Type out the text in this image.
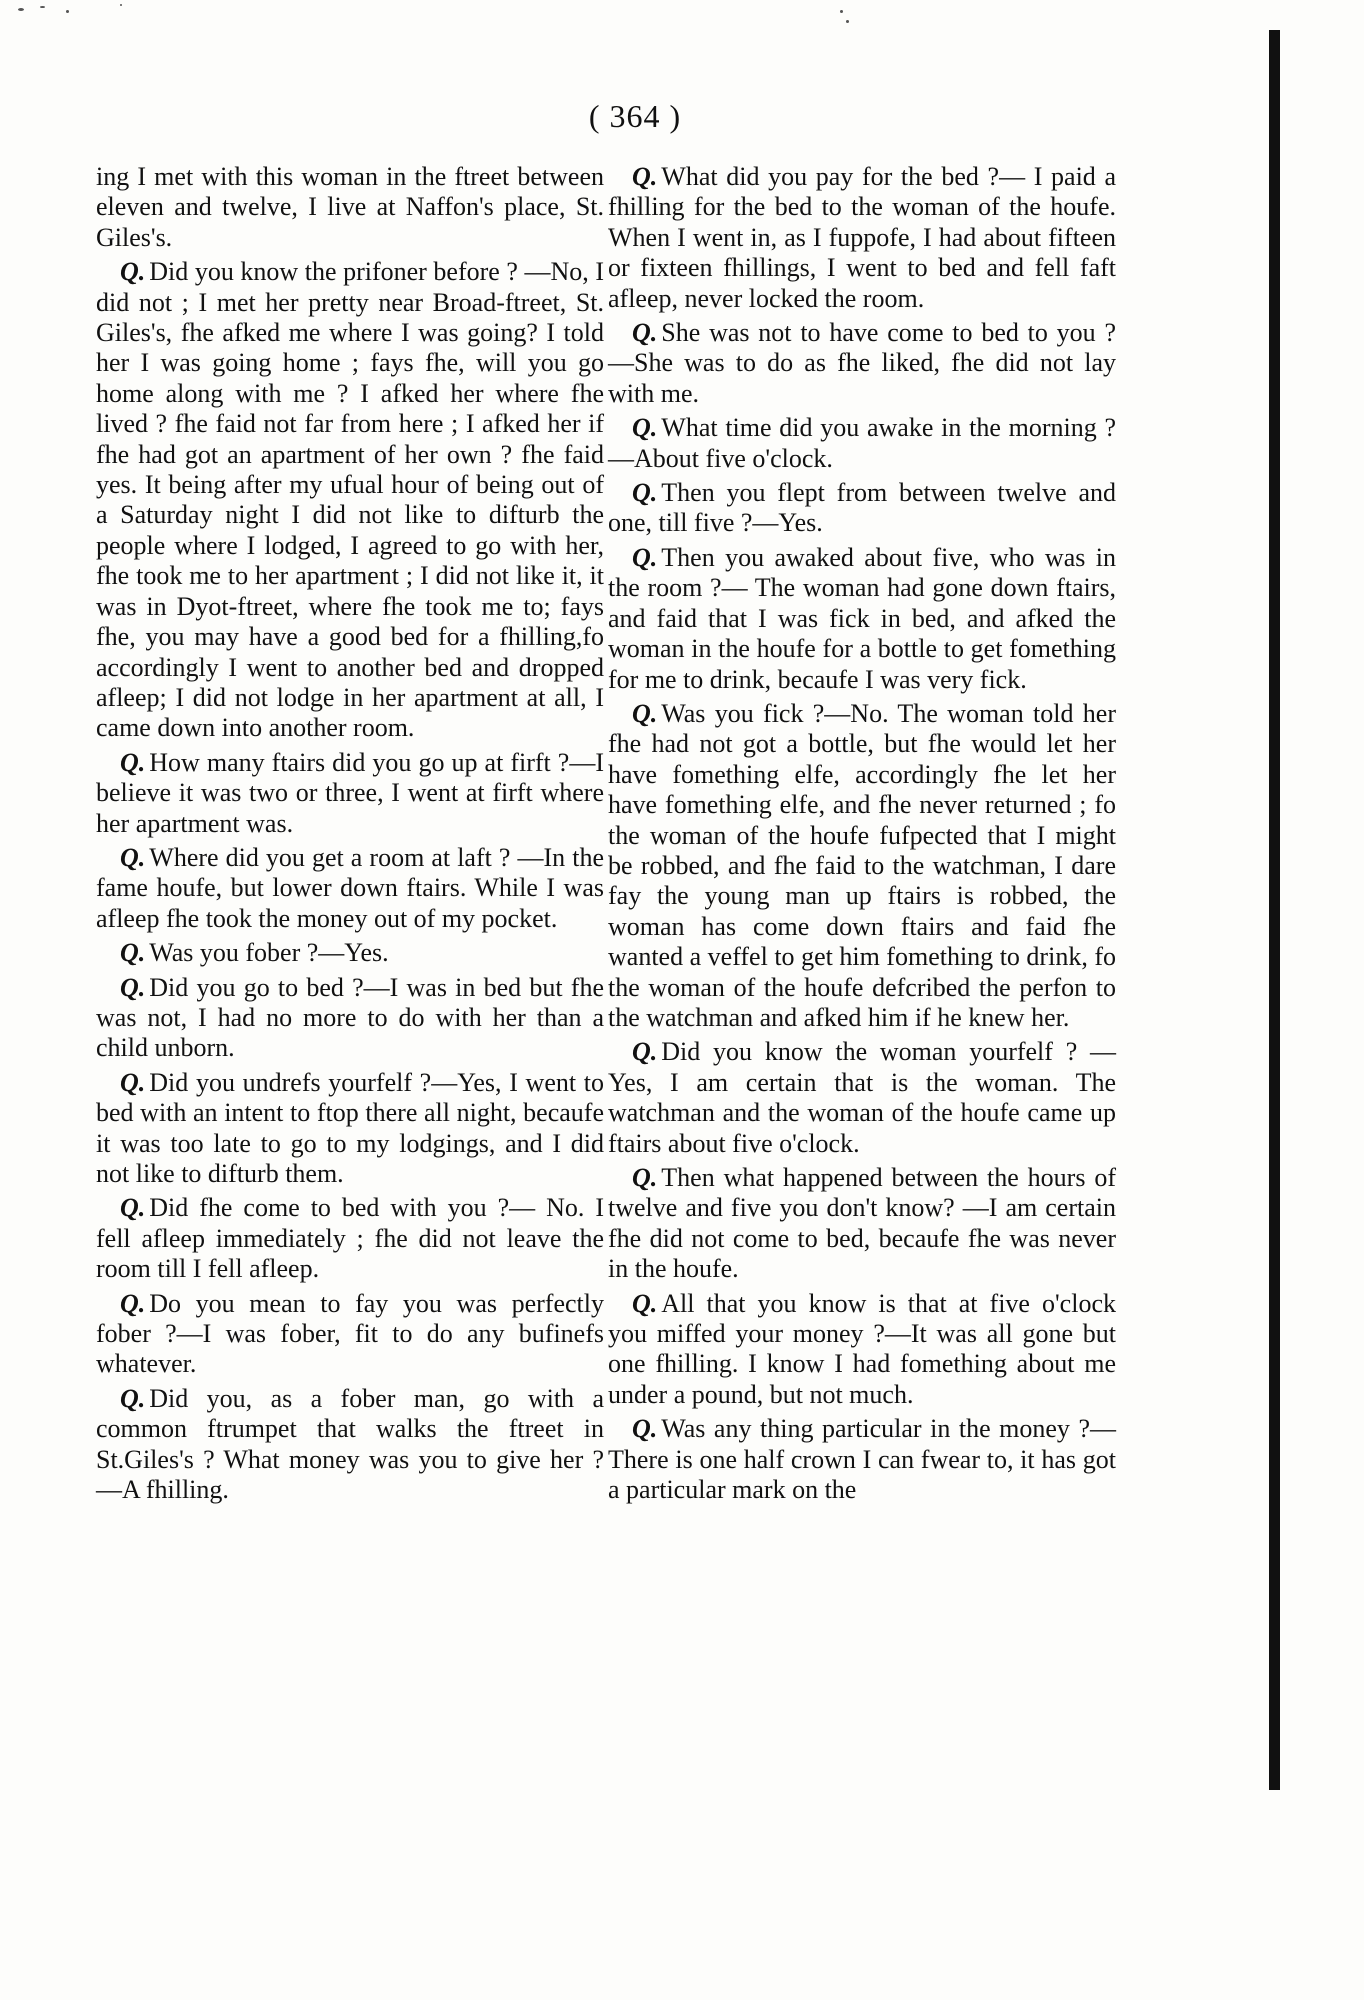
( 364 )

ing I met with this woman in the ftreet between eleven and twelve, I live at Naffon's place, St. Giles's.

Q. Did you know the prifoner before ? —No, I did not ; I met her pretty near Broad-ftreet, St. Giles's, fhe afked me where I was going? I told her I was going home ; fays fhe, will you go home along with me ? I afked her where fhe lived ? fhe faid not far from here ; I afked her if fhe had got an apartment of her own ? fhe faid yes. It being after my ufual hour of being out of a Saturday night I did not like to difturb the people where I lodged, I agreed to go with her, fhe took me to her apartment ; I did not like it, it was in Dyot-ftreet, where fhe took me to; fays fhe, you may have a good bed for a fhilling,fo accordingly I went to another bed and dropped afleep; I did not lodge in her apartment at all, I came down into another room.

Q. How many ftairs did you go up at firft ?—I believe it was two or three, I went at firft where her apartment was.

Q. Where did you get a room at laft ? —In the fame houfe, but lower down ftairs. While I was afleep fhe took the money out of my pocket.

Q. Was you fober ?—Yes.

Q. Did you go to bed ?—I was in bed but fhe was not, I had no more to do with her than a child unborn.

Q. Did you undrefs yourfelf ?—Yes, I went to bed with an intent to ftop there all night, becaufe it was too late to go to my lodgings, and I did not like to difturb them.

Q. Did fhe come to bed with you ?— No. I fell afleep immediately ; fhe did not leave the room till I fell afleep.

Q. Do you mean to fay you was perfectly fober ?—I was fober, fit to do any bufinefs whatever.

Q. Did you, as a fober man, go with a common ftrumpet that walks the ftreet in St.Giles's ? What money was you to give her ?—A fhilling.

Q. What did you pay for the bed ?— I paid a fhilling for the bed to the woman of the houfe. When I went in, as I fuppofe, I had about fifteen or fixteen fhillings, I went to bed and fell faft afleep, never locked the room.

Q. She was not to have come to bed to you ?—She was to do as fhe liked, fhe did not lay with me.

Q. What time did you awake in the morning ?—About five o'clock.

Q. Then you flept from between twelve and one, till five ?—Yes.

Q. Then you awaked about five, who was in the room ?— The woman had gone down ftairs, and faid that I was fick in bed, and afked the woman in the houfe for a bottle to get fomething for me to drink, becaufe I was very fick.

Q. Was you fick ?—No. The woman told her fhe had not got a bottle, but fhe would let her have fomething elfe, accordingly fhe let her have fomething elfe, and fhe never returned ; fo the woman of the houfe fufpected that I might be robbed, and fhe faid to the watchman, I dare fay the young man up ftairs is robbed, the woman has come down ftairs and faid fhe wanted a veffel to get him fomething to drink, fo the woman of the houfe defcribed the perfon to the watchman and afked him if he knew her.

Q. Did you know the woman yourfelf ? —Yes, I am certain that is the woman. The watchman and the woman of the houfe came up ftairs about five o'clock.

Q. Then what happened between the hours of twelve and five you don't know? —I am certain fhe did not come to bed, becaufe fhe was never in the houfe.

Q. All that you know is that at five o'clock you miffed your money ?—It was all gone but one fhilling. I know I had fomething about me under a pound, but not much.

Q. Was any thing particular in the money ?—There is one half crown I can fwear to, it has got a particular mark on the
